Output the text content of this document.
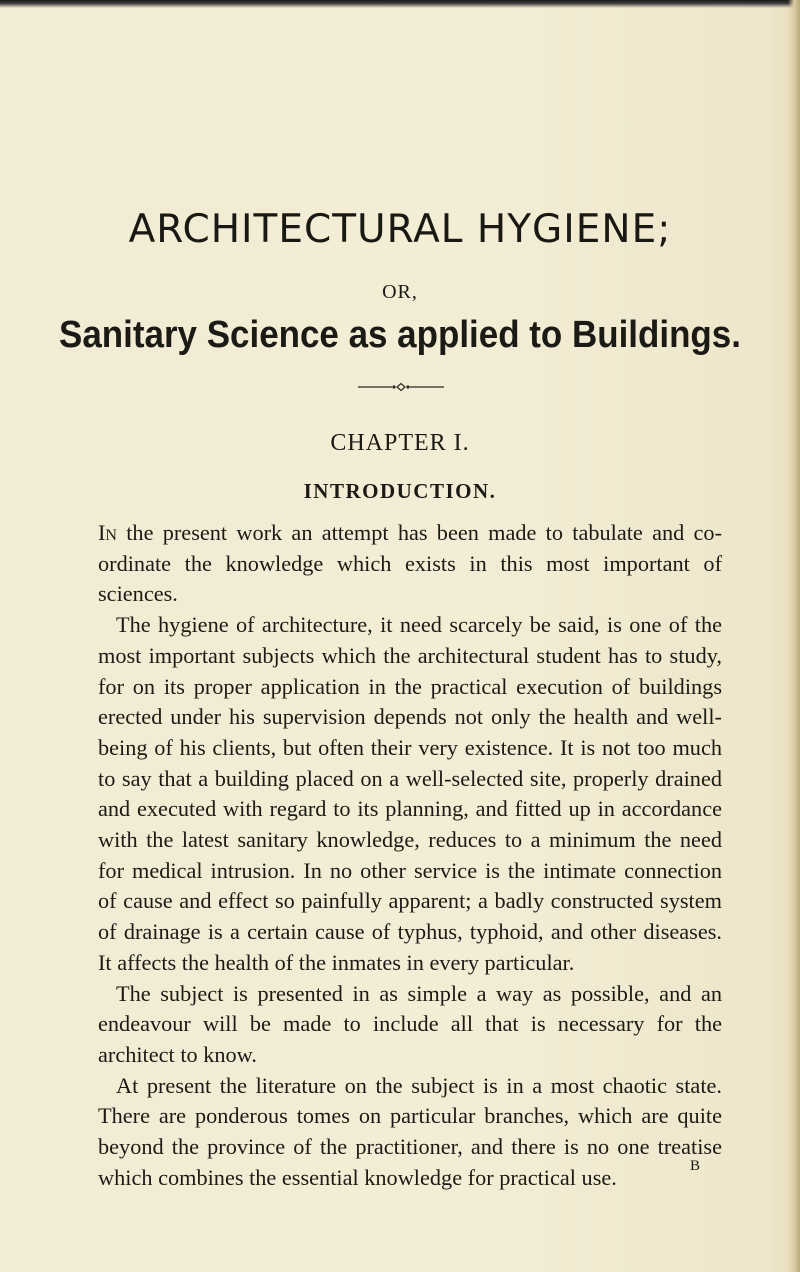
ARCHITECTURAL HYGIENE;
OR,
Sanitary Science as applied to Buildings.
CHAPTER I.
INTRODUCTION.

In the present work an attempt has been made to tabulate and co-ordinate the knowledge which exists in this most important of sciences.

The hygiene of architecture, it need scarcely be said, is one of the most important subjects which the architectural student has to study, for on its proper application in the practical execution of buildings erected under his supervision depends not only the health and well-being of his clients, but often their very existence. It is not too much to say that a building placed on a well-selected site, properly drained and executed with regard to its planning, and fitted up in accordance with the latest sanitary knowledge, reduces to a minimum the need for medical intrusion. In no other service is the intimate connection of cause and effect so painfully apparent; a badly constructed system of drainage is a certain cause of typhus, typhoid, and other diseases. It affects the health of the inmates in every particular.

The subject is presented in as simple a way as possible, and an endeavour will be made to include all that is necessary for the architect to know.

At present the literature on the subject is in a most chaotic state. There are ponderous tomes on particular branches, which are quite beyond the province of the practitioner, and there is no one treatise which combines the essential knowledge for practical use.	B
